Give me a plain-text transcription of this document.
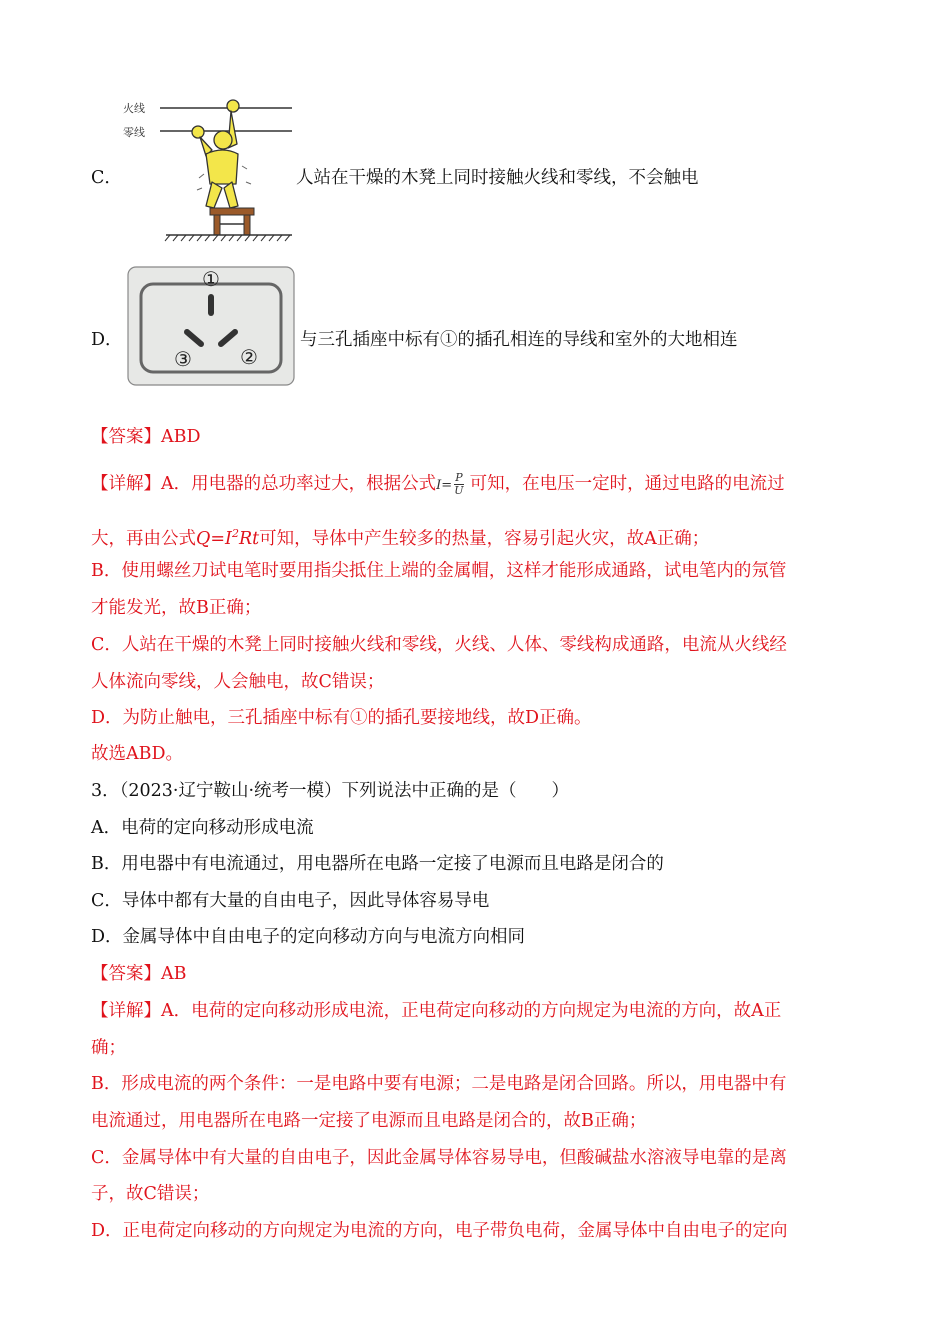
C．
火线
零线
人站在干燥的木凳上同时接触火线和零线，不会触电
D．
①
③ ②
与三孔插座中标有①的插孔相连的导线和室外的大地相连
【答案】ABD
【详解】A．用电器的总功率过大，根据公式$I= \frac{P}{U}$ 可知，在电压一定时，通过电路的电流过
大，再由公式$Q=I^2Rt$可知，导体中产生较多的热量，容易引起火灾，故A正确；
B．使用螺丝刀试电笔时要用指尖抵住上端的金属帽，这样才能形成通路，试电笔内的氖管
才能发光，故B正确；
C．人站在干燥的木凳上同时接触火线和零线，火线、人体、零线构成通路，电流从火线经
人体流向零线，人会触电，故C错误；
D．为防止触电，三孔插座中标有①的插孔要接地线，故D正确。
故选ABD。
3．（2023·辽宁鞍山·统考一模）下列说法中正确的是（　　）
A．电荷的定向移动形成电流
B．用电器中有电流通过，用电器所在电路一定接了电源而且电路是闭合的
C．导体中都有大量的自由电子，因此导体容易导电
D．金属导体中自由电子的定向移动方向与电流方向相同
【答案】AB
【详解】A．电荷的定向移动形成电流，正电荷定向移动的方向规定为电流的方向，故A正
确；
B．形成电流的两个条件：一是电路中要有电源；二是电路是闭合回路。所以，用电器中有
电流通过，用电器所在电路一定接了电源而且电路是闭合的，故B正确；
C．金属导体中有大量的自由电子，因此金属导体容易导电，但酸碱盐水溶液导电靠的是离
子，故C错误；
D．正电荷定向移动的方向规定为电流的方向，电子带负电荷，金属导体中自由电子的定向
